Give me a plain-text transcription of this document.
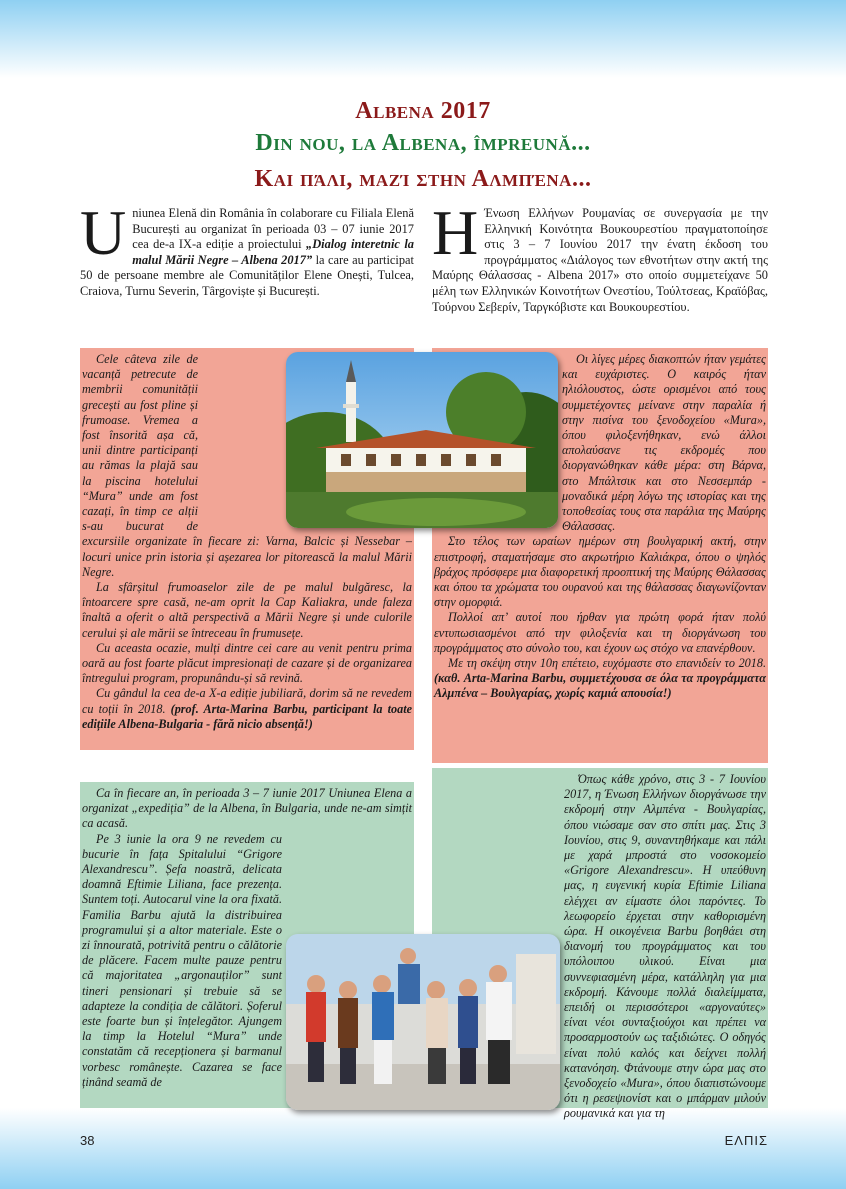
Albena 2017
Din nou, la Albena, împreună...
Και πάλι, μαζί στην Αλμπένα...
Uniunea Elenă din România în colaborare cu Filiala Elenă București au organizat în perioada 03 – 07 iunie 2017 cea de-a IX-a ediție a proiectului „Dialog interetnic la malul Mării Negre – Albena 2017” la care au participat 50 de persoane membre ale Comunităților Elene Onești, Tulcea, Craiova, Turnu Severin, Târgoviște și București.
Η Ένωση Ελλήνων Ρουμανίας σε συνεργασία με την Ελληνική Κοινότητα Βουκουρεστίου πραγματοποίησε στις 3 – 7 Ιουνίου 2017 την ένατη έκδοση του προγράμματος «Διάλογος των εθνοτήτων στην ακτή της Μαύρης Θάλασσας - Albena 2017» στο οποίο συμμετείχανε 50 μέλη των Ελληνικών Κοινοτήτων Ονεστίου, Τούλτσεας, Κραϊόβας, Τούρνου Σεβερίν, Ταργκόβιστε και Βουκουρεστίου.

Cele câteva zile de vacanță petrecute de membrii comunității grecești au fost pline și frumoase. Vremea a fost însorită așa că, unii dintre participanți au rămas la plajă sau la piscina hotelului “Mura” unde am fost cazați, în timp ce alții s-au bucurat de excursiile organizate în fiecare zi: Varna, Balcic și Nessebar – locuri unice prin istoria și așezarea lor pitorească la malul Mării Negre.

La sfârșitul frumoaselor zile de pe malul bulgăresc, la întoarcere spre casă, ne-am oprit la Cap Kaliakra, unde faleza înaltă a oferit o altă perspectivă a Mării Negre și unde culorile cerului și ale mării se întreceau în frumusețe.

Cu aceasta ocazie, mulți dintre cei care au venit pentru prima oară au fost foarte plăcut impresionați de cazare și de organizarea întregului program, propunându-și să revină.

Cu gândul la cea de-a X-a ediție jubiliară, dorim să ne revedem cu toții în 2018. (prof. Arta-Marina Barbu, participant la toate edițiile Albena-Bulgaria - fără nicio absență!)

Οι λίγες μέρες διακοπτών ήταν γεμάτες και ευχάριστες. Ο καιρός ήταν ηλιόλουστος, ώστε ορισμένοι από τους συμμετέχοντες μείνανε στην παραλία ή στην πισίνα του ξενοδοχείου «Mura», όπου φιλοξενήθηκαν, ενώ άλλοι απολαύσανε τις εκδρομές που διοργανώθηκαν κάθε μέρα: στη Βάρνα, στο Μπάλτσικ και στο Νεσσεμπάρ - μοναδικά μέρη λόγω της ιστορίας και της τοποθεσίας τους στα παράλια της Μαύρης Θάλασσας.

Στο τέλος των ωραίων ημέρων στη βουλγαρική ακτή, στην επιστροφή, σταματήσαμε στο ακρωτήριο Καλιάκρα, όπου ο ψηλός βράχος πρόσφερε μια διαφορετική προοπτική της Μαύρης Θάλασσας και όπου τα χρώματα του ουρανού και της θάλασσας διαγωνίζονταν στην ομορφιά.

Πολλοί απ’ αυτοί που ήρθαν για πρώτη φορά ήταν πολύ εντυπωσιασμένοι από την φιλοξενία και τη διοργάνωση του προγράμματος στο σύνολο του, και έχουν ως στόχο να επανέρθουν.

Με τη σκέψη στην 10η επέτειο, ευχόμαστε στο επανιδείν το 2018. (καθ. Arta-Marina Barbu, συμμετέχουσα σε όλα τα προγράμματα Αλμπένα – Βουλγαρίας, χωρίς καμιά απουσία!)

Ca în fiecare an, în perioada 3 – 7 iunie 2017 Uniunea Elena a organizat „expediția” de la Albena, în Bulgaria, unde ne-am simțit ca acasă.

Pe 3 iunie la ora 9 ne revedem cu bucurie în fața Spitalului “Grigore Alexandrescu”. Șefa noastră, delicata doamnă Eftimie Liliana, face prezența. Suntem toți. Autocarul vine la ora fixată. Familia Barbu ajută la distribuirea programului și a altor materiale. Este o zi înnourată, potrivită pentru o călătorie de plăcere. Facem multe pauze pentru că majoritatea „argonauților” sunt tineri pensionari și trebuie să se adapteze la condiția de călători. Șoferul este foarte bun și înțelegător. Ajungem la timp la Hotelul “Mura” unde constatăm că recepționera și barmanul vorbesc românește. Cazarea se face ținând seamă de

Όπως κάθε χρόνο, στις 3 - 7 Ιουνίου 2017, η Ένωση Ελλήνων διοργάνωσε την εκδρομή στην Αλμπένα - Βουλγαρίας, όπου νιώσαμε σαν στο σπίτι μας. Στις 3 Ιουνίου, στις 9, συναντηθήκαμε και πάλι με χαρά μπροστά στο νοσοκομείο «Grigore Alexandrescu». Η υπεύθυνη μας, η ευγενική κυρία Eftimie Liliana ελέγχει αν είμαστε όλοι παρόντες. Το λεωφορείο έρχεται στην καθορισμένη ώρα. Η οικογένεια Barbu βοηθάει στη διανομή του προγράμματος και του υπόλοιπου υλικού. Είναι μια συννεφιασμένη μέρα, κατάλληλη για μια εκδρομή. Κάνουμε πολλά διαλείμματα, επειδή οι περισσότεροι «αργοναύτες» είναι νέοι συνταξιούχοι και πρέπει να προσαρμοστούν ως ταξιδιώτες. Ο οδηγός είναι πολύ καλός και δείχνει πολλή κατανόηση. Φτάνουμε στην ώρα μας στο ξενοδοχείο «Mura», όπου διαπιστώνουμε ότι η ρεσεψιονίστ και ο μπάρμαν μιλούν ρουμανικά και για τη

38	ΕΛΠΙΣ
